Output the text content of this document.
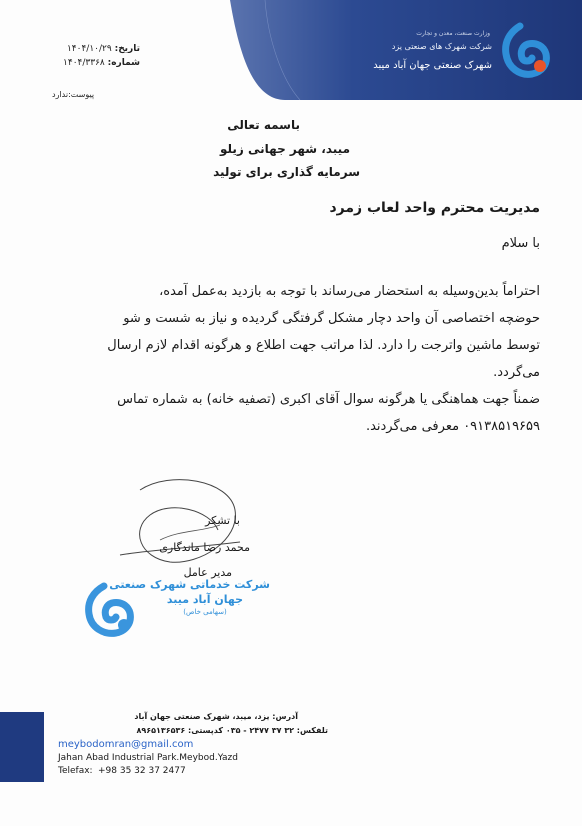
تاریخ: ۱۴۰۴/۱۰/۲۹
شماره: ۱۴۰۴/۳۳۶۸
پیوست:ندارد
وزارت صنعت، معدن و تجارت
شرکت شهرک های صنعتی یزد
شهرک صنعتی جهان آباد میبد
باسمه تعالی
میبد، شهر جهانی زیلو
سرمایه گذاری برای تولید
مدیریت محترم واحد لعاب زمرد
با سلام
احتراماً بدین‌وسیله به استحضار می‌رساند با توجه به بازدید به‌عمل آمده،
حوضچه اختصاصی آن واحد دچار مشکل گرفتگی گردیده و نیاز به شست و شو
توسط ماشین واترجت را دارد. لذا مراتب جهت اطلاع و هرگونه اقدام لازم ارسال
می‌گردد.
ضمناً جهت هماهنگی یا هرگونه سوال آقای اکبری (تصفیه خانه) به شماره تماس
۰۹۱۳۸۵۱۹۶۵۹ معرفی می‌گردند.
با تشکر
محمد رضا ماندگاری
مدیر عامل
شرکت خدماتی شهرک صنعتی
جهان آباد میبد
(سهامی خاص)
آدرس: یزد، میبد، شهرک صنعتی جهان آباد
تلفکس: ۳۲ ۳۷ ۲۴۷۷ - ۰۳۵ کدپستی: ۸۹۶۵۱۳۶۵۳۶
meybodomran@gmail.com
Jahan Abad Industrial Park.Meybod.Yazd
Telefax: +98 35 32 37 2477
